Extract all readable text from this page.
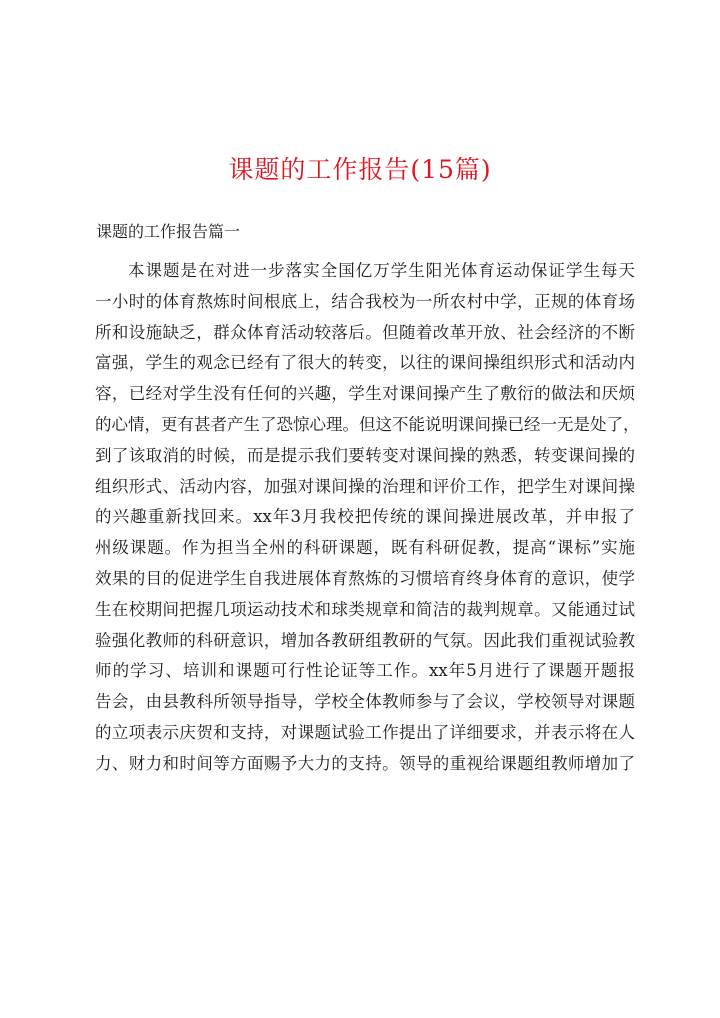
课题的工作报告(15篇)
课题的工作报告篇一

本课题是在对进一步落实全国亿万学生阳光体育运动保证学生每天
一小时的体育熬炼时间根底上，结合我校为一所农村中学，正规的体育场
所和设施缺乏，群众体育活动较落后。但随着改革开放、社会经济的不断
富强，学生的观念已经有了很大的转变，以往的课间操组织形式和活动内
容，已经对学生没有任何的兴趣，学生对课间操产生了敷衍的做法和厌烦
的心情，更有甚者产生了恐惊心理。但这不能说明课间操已经一无是处了，
到了该取消的时候，而是提示我们要转变对课间操的熟悉，转变课间操的
组织形式、活动内容，加强对课间操的治理和评价工作，把学生对课间操
的兴趣重新找回来。xx年3月我校把传统的课间操进展改革，并申报了
州级课题。作为担当全州的科研课题，既有科研促教，提高“课标”实施
效果的目的促进学生自我进展体育熬炼的习惯培育终身体育的意识，使学
生在校期间把握几项运动技术和球类规章和简洁的裁判规章。又能通过试
验强化教师的科研意识，增加各教研组教研的气氛。因此我们重视试验教
师的学习、培训和课题可行性论证等工作。xx年5月进行了课题开题报
告会，由县教科所领导指导，学校全体教师参与了会议，学校领导对课题
的立项表示庆贺和支持，对课题试验工作提出了详细要求，并表示将在人
力、财力和时间等方面赐予大力的支持。领导的重视给课题组教师增加了
